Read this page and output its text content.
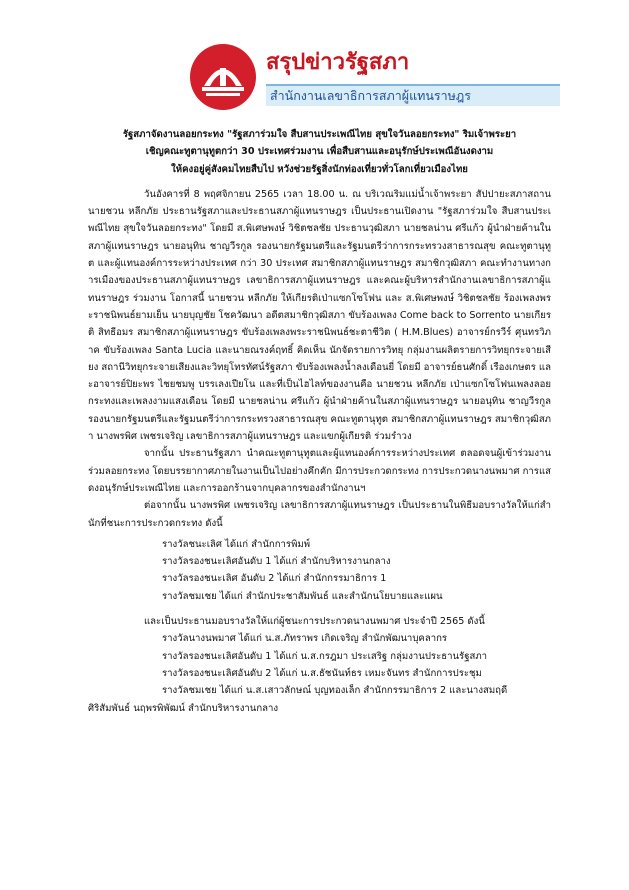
สรุปข่าวรัฐสภา
สำนักงานเลขาธิการสภาผู้แทนราษฎร

รัฐสภาจัดงานลอยกระทง "รัฐสภาร่วมใจ สืบสานประเพณีไทย สุขใจวันลอยกระทง" ริมเจ้าพระยา

เชิญคณะทูตานุทูตกว่า 30 ประเทศร่วมงาน เพื่อสืบสานและอนุรักษ์ประเพณีอันงดงาม

ให้คงอยู่คู่สังคมไทยสืบไป หวังช่วยรัฐสิ่งนักท่องเที่ยวทั่วโลกเที่ยวเมืองไทย

วันอังคารที่ 8 พฤศจิกายน 2565 เวลา 18.00 น. ณ บริเวณริมแม่น้ำเจ้าพระยา สัปปายะสภาสถาน นายชวน หลีกภัย ประธานรัฐสภาและประธานสภาผู้แทนราษฎร เป็นประธานเปิดงาน "รัฐสภาร่วมใจ สืบสานประเพณีไทย สุขใจวันลอยกระทง" โดยมี ส.พิเศษพงษ์ วิชิตชลชัย ประธานวุฒิสภา นายชลน่าน ศรีแก้ว ผู้นำฝ่ายค้านในสภาผู้แทนราษฎร นายอนุทิน ชาญวีรกูล รองนายกรัฐมนตรีและรัฐมนตรีว่าการกระทรวงสาธารณสุข คณะทูตานุทูต และผู้แทนองค์การระหว่างประเทศ กว่า 30 ประเทศ สมาชิกสภาผู้แทนราษฎร สมาชิกวุฒิสภา คณะทำงานทางการเมืองของประธานสภาผู้แทนราษฎร เลขาธิการสภาผู้แทนราษฎร และคณะผู้บริหารสำนักงานเลขาธิการสภาผู้แทนราษฎร ร่วมงาน โอกาสนี้ นายชวน หลีกภัย ให้เกียรติเป่าแซกโซโฟน และ ส.พิเศษพงษ์ วิชิตชลชัย ร้องเพลงพระราชนิพนธ์ยามเย็น นายบุญชัย โชควัฒนา อดีตสมาชิกวุฒิสภา ขับร้องเพลง Come back to Sorrento นายเกียรติ สิทธีอมร สมาชิกสภาผู้แทนราษฎร ขับร้องเพลงพระราชนิพนธ์ชะตาชีวิต ( H.M.Blues) อาจารย์กรวีร์ ศุนทรวิภาค ขับร้องเพลง Santa Lucia และนายณรงค์ฤทธิ์ คิดเห็น นักจัดรายการวิทยุ กลุ่มงานผลิตรายการวิทยุกระจายเสียง สถานีวิทยุกระจายเสียงและวิทยุโทรทัศน์รัฐสภา ขับร้องเพลงน้ำลงเดือนยี่ โดยมี อาจารย์ธนศักดิ์ เรืองเกษตร และอาจารย์ปิยะพร ไชยชมพู บรรเลงเปียโน และที่เป็นไฮไลท์ของงานคือ นายชวน หลีกภัย เป่าแซกโซโฟนเพลงลอยกระทงและเพลงงามแสงเดือน โดยมี นายชลน่าน ศรีแก้ว ผู้นำฝ่ายค้านในสภาผู้แทนราษฎร นายอนุทิน ชาญวีรกูล รองนายกรัฐมนตรีและรัฐมนตรีว่าการกระทรวงสาธารณสุข คณะทูตานุทูต สมาชิกสภาผู้แทนราษฎร สมาชิกวุฒิสภา นางพรพิศ เพชรเจริญ เลขาธิการสภาผู้แทนราษฎร และแขกผู้เกียรติ ร่วมรำวง

จากนั้น ประธานรัฐสภา นำคณะทูตานุทูตและผู้แทนองค์การระหว่างประเทศ ตลอดจนผู้เข้าร่วมงาน ร่วมลอยกระทง โดยบรรยากาศภายในงานเป็นไปอย่างคึกคัก มีการประกวดกระทง การประกวดนางนพมาศ การแสดงอนุรักษ์ประเพณีไทย และการออกร้านจากบุคลากรของสำนักงานฯ

ต่อจากนั้น นางพรพิศ เพชรเจริญ เลขาธิการสภาผู้แทนราษฎร เป็นประธานในพิธีมอบรางวัลให้แก่สำนักที่ชนะการประกวดกระทง ดังนี้

รางวัลชนะเลิศ ได้แก่ สำนักการพิมพ์

รางวัลรองชนะเลิศอันดับ 1 ได้แก่ สำนักบริหารงานกลาง

รางวัลรองชนะเลิศ อันดับ 2 ได้แก่ สำนักกรรมาธิการ 1

รางวัลชมเชย ได้แก่ สำนักประชาสัมพันธ์ และสำนักนโยบายและแผน

และเป็นประธานมอบรางวัลให้แก่ผู้ชนะการประกวดนางนพมาศ ประจำปี 2565 ดังนี้

รางวัลนางนพมาศ ได้แก่ น.ส.ภัทราพร เกิดเจริญ สำนักพัฒนาบุคลากร

รางวัลรองชนะเลิศอันดับ 1 ได้แก่ น.ส.กรฎมา ประเสริฐ กลุ่มงานประธานรัฐสภา

รางวัลรองชนะเลิศอันดับ 2 ได้แก่ น.ส.ธัชนันท์ธร เหมะจันทร สำนักการประชุม

รางวัลชมเชย ได้แก่ น.ส.เสาวลักษณ์ บุญทองเล็ก สำนักกรรมาธิการ 2 และนางสมฤดี

ศิริสัมพันธ์ นฤพรพิพัฒน์ สำนักบริหารงานกลาง
